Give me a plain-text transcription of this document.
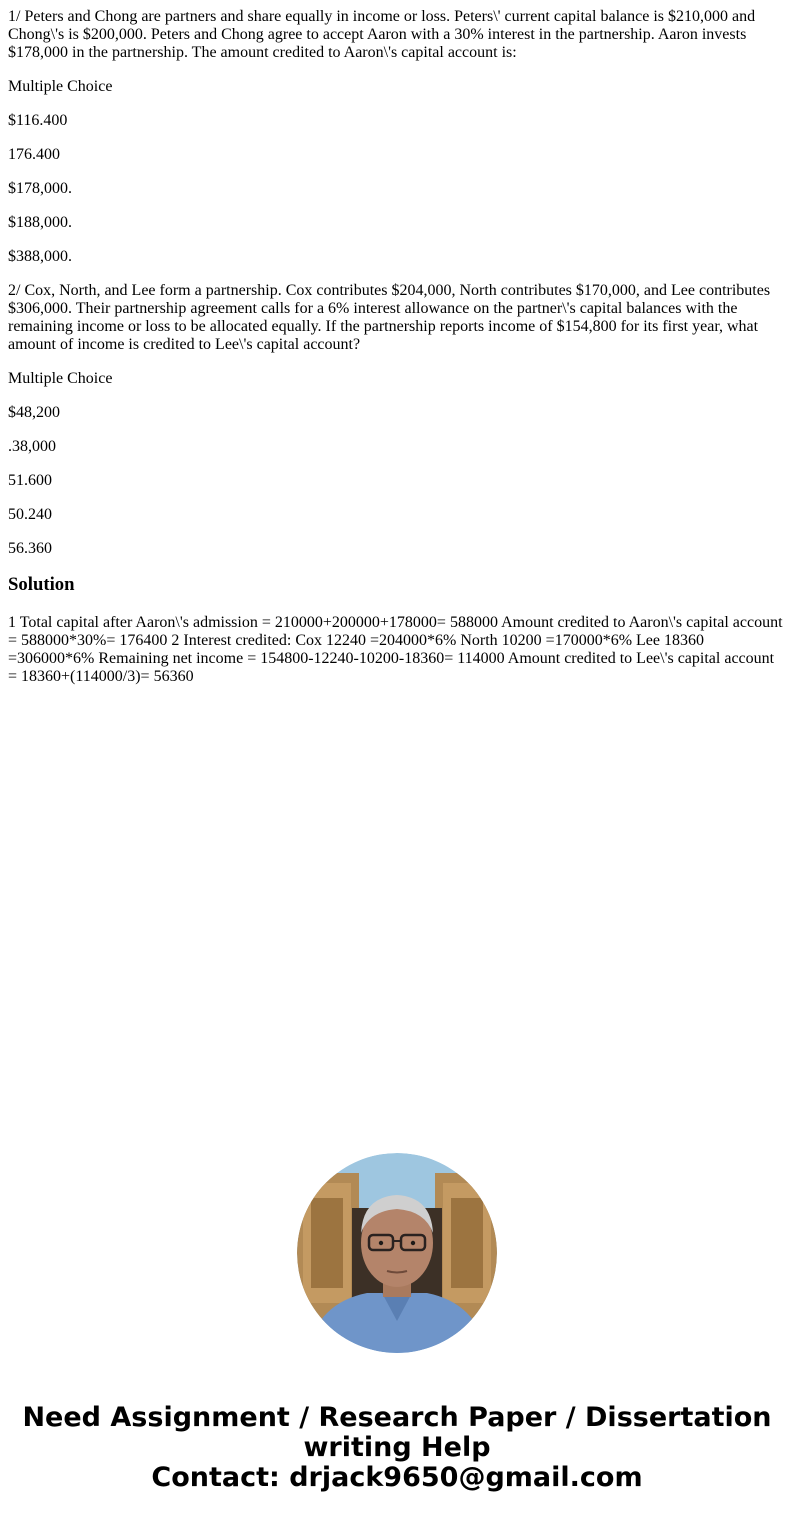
1/ Peters and Chong are partners and share equally in income or loss. Peters\' current capital balance is $210,000 and Chong\'s is $200,000. Peters and Chong agree to accept Aaron with a 30% interest in the partnership. Aaron invests $178,000 in the partnership. The amount credited to Aaron\'s capital account is:

Multiple Choice

$116.400

176.400

$178,000.

$188,000.

$388,000.

2/ Cox, North, and Lee form a partnership. Cox contributes $204,000, North contributes $170,000, and Lee contributes $306,000. Their partnership agreement calls for a 6% interest allowance on the partner\'s capital balances with the remaining income or loss to be allocated equally. If the partnership reports income of $154,800 for its first year, what amount of income is credited to Lee\'s capital account?

Multiple Choice

$48,200

.38,000

51.600

50.240

56.360

Solution

1 Total capital after Aaron\'s admission = 210000+200000+178000= 588000 Amount credited to Aaron\'s capital account = 588000*30%= 176400 2 Interest credited: Cox 12240 =204000*6% North 10200 =170000*6% Lee 18360 =306000*6% Remaining net income = 154800-12240-10200-18360= 114000 Amount credited to Lee\'s capital account = 18360+(114000/3)= 56360

Need Assignment / Research Paper / Dissertation
writing Help
Contact: drjack9650@gmail.com
